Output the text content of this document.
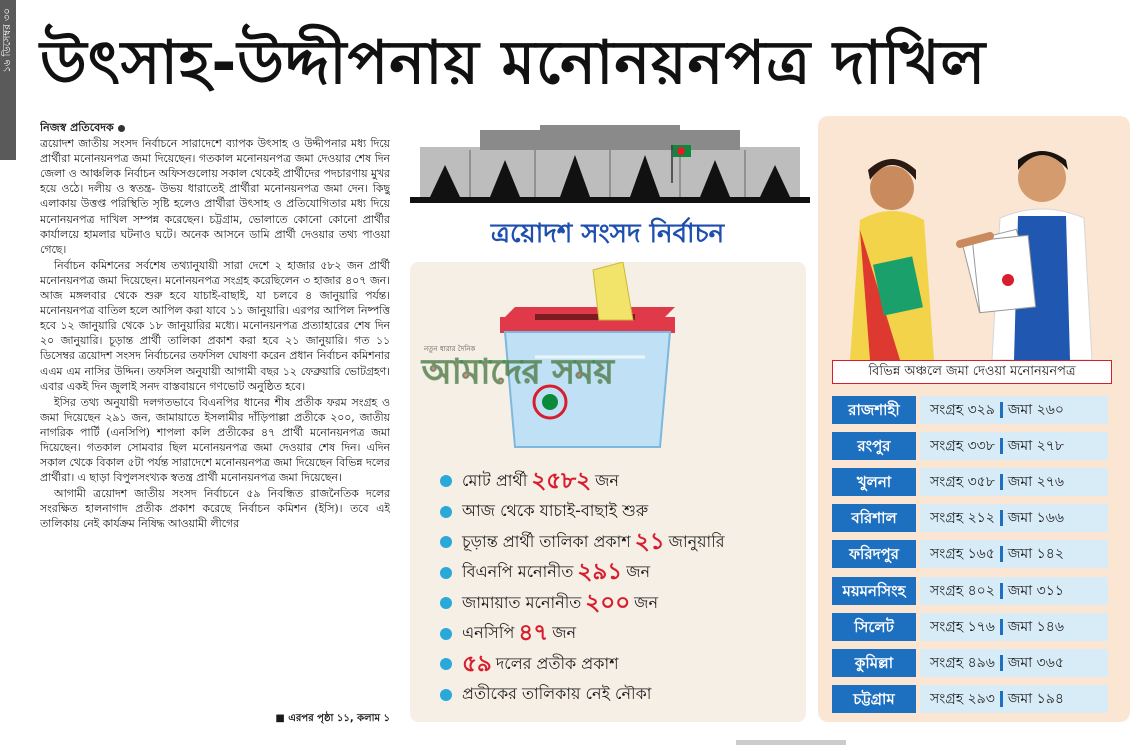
১৬ ডিসেম্বর ৩০ উৎসাহ-উদ্দীপনায় মনোনয়নপত্র দাখিল
নিজস্ব প্রতিবেদক

ত্রয়োদশ জাতীয় সংসদ নির্বাচনে সারাদেশে ব্যাপক উৎসাহ ও উদ্দীপনার মধ্য দিয়ে প্রার্থীরা মনোনয়নপত্র জমা দিয়েছেন। গতকাল মনোনয়নপত্র জমা দেওয়ার শেষ দিন জেলা ও আঞ্চলিক নির্বাচন অফিসগুলোয় সকাল থেকেই প্রার্থীদের পদচারণায় মুখর হয়ে ওঠে। দলীয় ও স্বতন্ত্র- উভয় ধারাতেই প্রার্থীরা মনোনয়নপত্র জমা দেন। কিছু এলাকায় উত্তপ্ত পরিস্থিতি সৃষ্টি হলেও প্রার্থীরা উৎসাহ ও প্রতিযোগিতার মধ্য দিয়ে মনোনয়নপত্র দাখিল সম্পন্ন করেছেন। চট্টগ্রাম, ভোলাতে কোনো কোনো প্রার্থীর কার্যালয়ে হামলার ঘটনাও ঘটে। অনেক আসনে ডামি প্রার্থী দেওয়ার তথ্য পাওয়া গেছে।

নির্বাচন কমিশনের সর্বশেষ তথ্যানুযায়ী সারা দেশে ২ হাজার ৫৮২ জন প্রার্থী মনোনয়নপত্র জমা দিয়েছেন। মনোনয়নপত্র সংগ্রহ করেছিলেন ৩ হাজার ৪০৭ জন। আজ মঙ্গলবার থেকে শুরু হবে যাচাই-বাছাই, যা চলবে ৪ জানুয়ারি পর্যন্ত। মনোনয়নপত্র বাতিল হলে আপিল করা যাবে ১১ জানুয়ারি। এরপর আপিল নিষ্পত্তি হবে ১২ জানুয়ারি থেকে ১৮ জানুয়ারির মধ্যে। মনোনয়নপত্র প্রত্যাহারের শেষ দিন ২০ জানুয়ারি। চূড়ান্ত প্রার্থী তালিকা প্রকাশ করা হবে ২১ জানুয়ারি। গত ১১ ডিসেম্বর ত্রয়োদশ সংসদ নির্বাচনের তফসিল ঘোষণা করেন প্রধান নির্বাচন কমিশনার এএম এম নাসির উদ্দিন। তফসিল অনুযায়ী আগামী বছর ১২ ফেব্রুয়ারি ভোটগ্রহণ। এবার একই দিন জুলাই সনদ বাস্তবায়নে গণভোট অনুষ্ঠিত হবে।

ইসির তথ্য অনুযায়ী দলগতভাবে বিএনপির ধানের শীষ প্রতীক ফরম সংগ্রহ ও জমা দিয়েছেন ২৯১ জন, জামায়াতে ইসলামীর দাঁড়িপাল্লা প্রতীকে ২০০, জাতীয় নাগরিক পার্টি (এনসিপি) শাপলা কলি প্রতীকের ৪৭ প্রার্থী মনোনয়নপত্র জমা দিয়েছেন। গতকাল সোমবার ছিল মনোনয়নপত্র জমা দেওয়ার শেষ দিন। এদিন সকাল থেকে বিকাল ৫টা পর্যন্ত সারাদেশে মনোনয়নপত্র জমা দিয়েছেন বিভিন্ন দলের প্রার্থীরা। এ ছাড়া বিপুলসংখ্যক স্বতন্ত্র প্রার্থী মনোনয়নপত্র জমা দিয়েছেন।

আগামী ত্রয়োদশ জাতীয় সংসদ নির্বাচনে ৫৯ নিবন্ধিত রাজনৈতিক দলের সংরক্ষিত হালনাগাদ প্রতীক প্রকাশ করেছে নির্বাচন কমিশন (ইসি)। তবে এই তালিকায় নেই কার্যক্রম নিষিদ্ধ আওয়ামী লীগের

■ এরপর পৃষ্ঠা ১১, কলাম ১
ত্রয়োদশ সংসদ নির্বাচন
নতুন ধারার দৈনিক
আমাদের সময়
মোট প্রার্থী ২৫৮২ জন
আজ থেকে যাচাই-বাছাই শুরু
চূড়ান্ত প্রার্থী তালিকা প্রকাশ ২১ জানুয়ারি
বিএনপি মনোনীত ২৯১ জন
জামায়াত মনোনীত ২০০ জন
এনসিপি ৪৭ জন
৫৯ দলের প্রতীক প্রকাশ
প্রতীকের তালিকায় নেই নৌকা
বিভিন্ন অঞ্চলে জমা দেওয়া মনোনয়নপত্র
রাজশাহী	সংগ্রহ ৩২৯ জমা ২৬০
রংপুর	সংগ্রহ ৩৩৮ জমা ২৭৮
খুলনা	সংগ্রহ ৩৫৮ জমা ২৭৬
বরিশাল	সংগ্রহ ২১২ জমা ১৬৬
ফরিদপুর	সংগ্রহ ১৬৫ জমা ১৪২
ময়মনসিংহ	সংগ্রহ ৪০২ জমা ৩১১
সিলেট	সংগ্রহ ১৭৬ জমা ১৪৬
কুমিল্লা	সংগ্রহ ৪৯৬ জমা ৩৬৫
চট্টগ্রাম	সংগ্রহ ২৯৩ জমা ১৯৪
